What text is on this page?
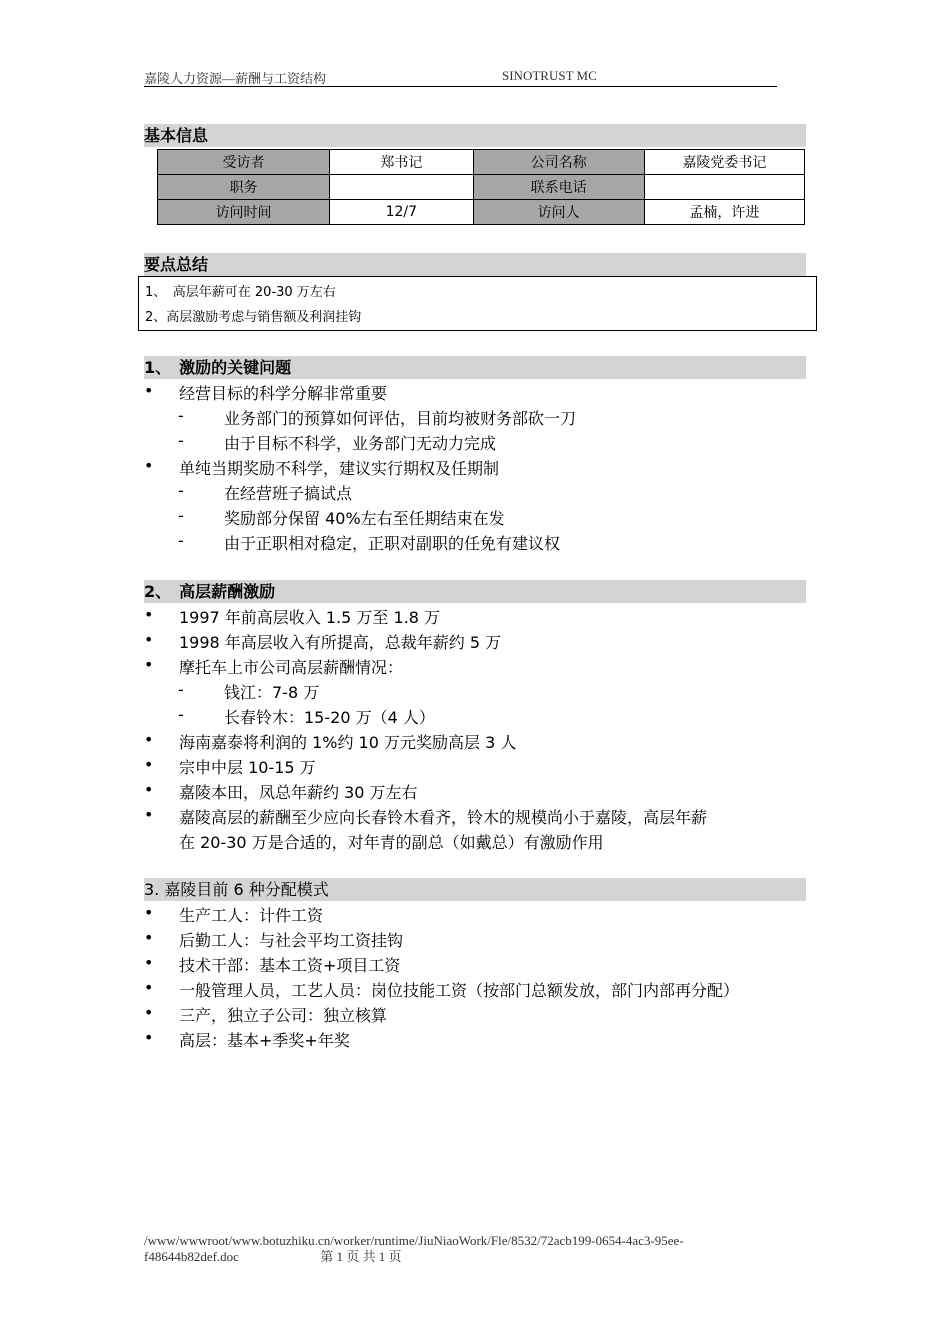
嘉陵人力资源—薪酬与工资结构	SINOTRUST MC
基本信息
受访者	郑书记	公司名称	嘉陵党委书记
职务		联系电话	
访问时间	12/7	访问人	孟楠，许进
要点总结
1、　高层年薪可在 20-30 万左右
2、高层激励考虑与销售额及利润挂钩
1、　激励的关键问题
• 经营目标的科学分解非常重要
-	业务部门的预算如何评估，目前均被财务部砍一刀
-	由于目标不科学，业务部门无动力完成
• 单纯当期奖励不科学，建议实行期权及任期制
-	在经营班子搞试点
-	奖励部分保留 40%左右至任期结束在发
-	由于正职相对稳定，正职对副职的任免有建议权
2、　高层薪酬激励
• 1997 年前高层收入 1.5 万至 1.8 万
• 1998 年高层收入有所提高，总裁年薪约 5 万
• 摩托车上市公司高层薪酬情况：
-	钱江：7-8 万
-	长春铃木：15-20 万（4 人）
• 海南嘉泰将利润的 1%约 10 万元奖励高层 3 人
• 宗申中层 10-15 万
• 嘉陵本田，凤总年薪约 30 万左右
• 嘉陵高层的薪酬至少应向长春铃木看齐，铃木的规模尚小于嘉陵，高层年薪
在 20-30 万是合适的，对年青的副总（如戴总）有激励作用
3. 嘉陵目前 6 种分配模式
• 生产工人：计件工资
• 后勤工人：与社会平均工资挂钩
• 技术干部：基本工资+项目工资
• 一般管理人员，工艺人员：岗位技能工资（按部门总额发放，部门内部再分配）
• 三产，独立子公司：独立核算
• 高层：基本+季奖+年奖
/www/wwwroot/www.botuzhiku.cn/worker/runtime/JiuNiaoWork/Fle/8532/72acb199-0654-4ac3-95ee-
f48644b82def.doc	第 1 页 共 1 页
